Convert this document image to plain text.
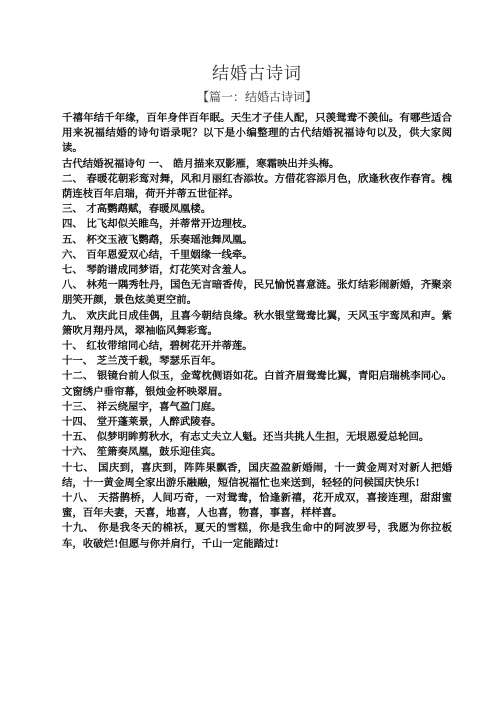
结婚古诗词
【篇一：结婚古诗词】

千禧年结千年缘，百年身伴百年眠。天生才子佳人配，只羡鸳鸯不羡仙。有哪些适合用来祝福结婚的诗句语录呢？以下是小编整理的古代结婚祝福诗句以及，供大家阅读。

古代结婚祝福诗句 一、 皓月描来双影雁，寒霜映出并头梅。

二、 春暖花朝彩鸾对舞，风和月丽红杏添妆。方借花容添月色，欣逢秋夜作春宵。槐荫连枝百年启瑞，荷开并蒂五世征祥。

三、 才高鹦鹉赋，春暖凤凰楼。

四、 比飞却似关睢鸟，并蒂常开边理枝。

五、 杯交玉液飞鹦鹉，乐奏瑶池舞凤凰。

六、 百年恩爱双心结，千里姻缘一线牵。

七、 琴韵谱成同梦语，灯花笑对含羞人。

八、 林苑一隅秀牡丹，国色无言暗香传，民兄愉悦喜意涟。张灯结彩闹新婚，齐聚亲朋笑开颜，景色炫美更空前。

九、 欢庆此日成佳偶，且喜今朝结良缘。秋水银堂鸳鸯比翼，天风玉宇鸾凤和声。紫箫吹月翔丹凤，翠袖临风舞彩鸾。

十、 红妆带绾同心结，碧树花开并蒂莲。

十一、 芝兰茂千载，琴瑟乐百年。

十二、 银镜台前人似玉，金莺枕侧语如花。白首齐眉鸳鸯比翼，青阳启瑞桃李同心。文窗绣户垂帘幕，银烛金杯映翠眉。

十三、 祥云绕屋宇，喜气盈门庭。

十四、 堂开蓬莱景，人醉武陵春。

十五、 似梦明眸剪秋水，有志丈夫立人魁。还当共挑人生担，无垠恩爱总轮回。

十六、 笙箫奏凤凰，鼓乐迎佳宾。

十七、 国庆到，喜庆到，阵阵果飘香，国庆盈盈新婚闹，十一黄金周对对新人把婚结，十一黄金周全家出游乐融融，短信祝福忙也来送到，轻轻的问候国庆快乐!

十八、 天搭鹊桥，人间巧奇，一对鸳鸯，恰逢新禧，花开成双，喜接连理，甜甜蜜蜜，百年夫妻，天喜，地喜，人也喜，物喜，事喜，样样喜。

十九、 你是我冬天的棉袄，夏天的雪糕，你是我生命中的阿波罗号，我愿为你拉板车，收破烂!但愿与你并肩行，千山一定能踏过!
